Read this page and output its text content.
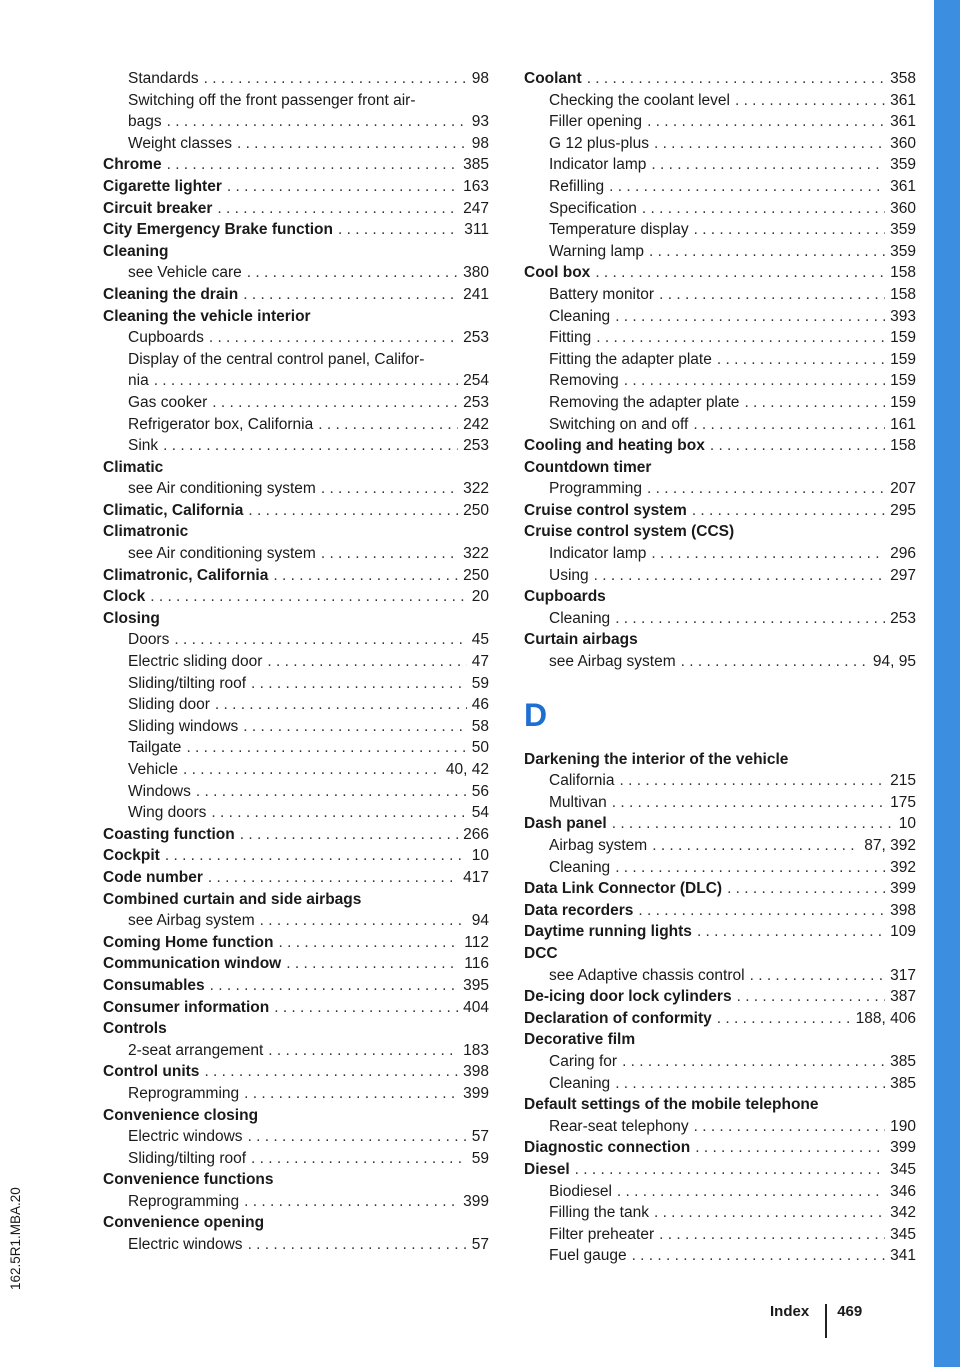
162.5R1.MBA.20
Standards . . .	98
Switching off the front passenger front air-
bags . . .	93
Weight classes . . .	98
Chrome . . .	385
Cigarette lighter . . .	163
Circuit breaker . . .	247
City Emergency Brake function . . .	311
Cleaning
see Vehicle care . . .	380
Cleaning the drain . . .	241
Cleaning the vehicle interior
Cupboards . . .	253
Display of the central control panel, Califor-
nia . . .	254
Gas cooker . . .	253
Refrigerator box, California . . .	242
Sink . . .	253
Climatic
see Air conditioning system . . .	322
Climatic, California . . .	250
Climatronic
see Air conditioning system . . .	322
Climatronic, California . . .	250
Clock . . .	20
Closing
Doors . . .	45
Electric sliding door . . .	47
Sliding/tilting roof . . .	59
Sliding door . . .	46
Sliding windows . . .	58
Tailgate . . .	50
Vehicle . . .	40, 42
Windows . . .	56
Wing doors . . .	54
Coasting function . . .	266
Cockpit . . .	10
Code number . . .	417
Combined curtain and side airbags
see Airbag system . . .	94
Coming Home function . . .	112
Communication window . . .	116
Consumables . . .	395
Consumer information . . .	404
Controls
2-seat arrangement . . .	183
Control units . . .	398
Reprogramming . . .	399
Convenience closing
Electric windows . . .	57
Sliding/tilting roof . . .	59
Convenience functions
Reprogramming . . .	399
Convenience opening
Electric windows . . .	57
Coolant . . .	358
Checking the coolant level . . .	361
Filler opening . . .	361
G 12 plus-plus . . .	360
Indicator lamp . . .	359
Refilling . . .	361
Specification . . .	360
Temperature display . . .	359
Warning lamp . . .	359
Cool box . . .	158
Battery monitor . . .	158
Cleaning . . .	393
Fitting . . .	159
Fitting the adapter plate . . .	159
Removing . . .	159
Removing the adapter plate . . .	159
Switching on and off . . .	161
Cooling and heating box . . .	158
Countdown timer
Programming . . .	207
Cruise control system . . .	295
Cruise control system (CCS)
Indicator lamp . . .	296
Using . . .	297
Cupboards
Cleaning . . .	253
Curtain airbags
see Airbag system . . .	94, 95
D
Darkening the interior of the vehicle
California . . .	215
Multivan . . .	175
Dash panel . . .	10
Airbag system . . .	87, 392
Cleaning . . .	392
Data Link Connector (DLC) . . .	399
Data recorders . . .	398
Daytime running lights . . .	109
DCC
see Adaptive chassis control . . .	317
De-icing door lock cylinders . . .	387
Declaration of conformity . . .	188, 406
Decorative film
Caring for . . .	385
Cleaning . . .	385
Default settings of the mobile telephone
Rear-seat telephony . . .	190
Diagnostic connection . . .	399
Diesel . . .	345
Biodiesel . . .	346
Filling the tank . . .	342
Filter preheater . . .	345
Fuel gauge . . .	341
Index 469
